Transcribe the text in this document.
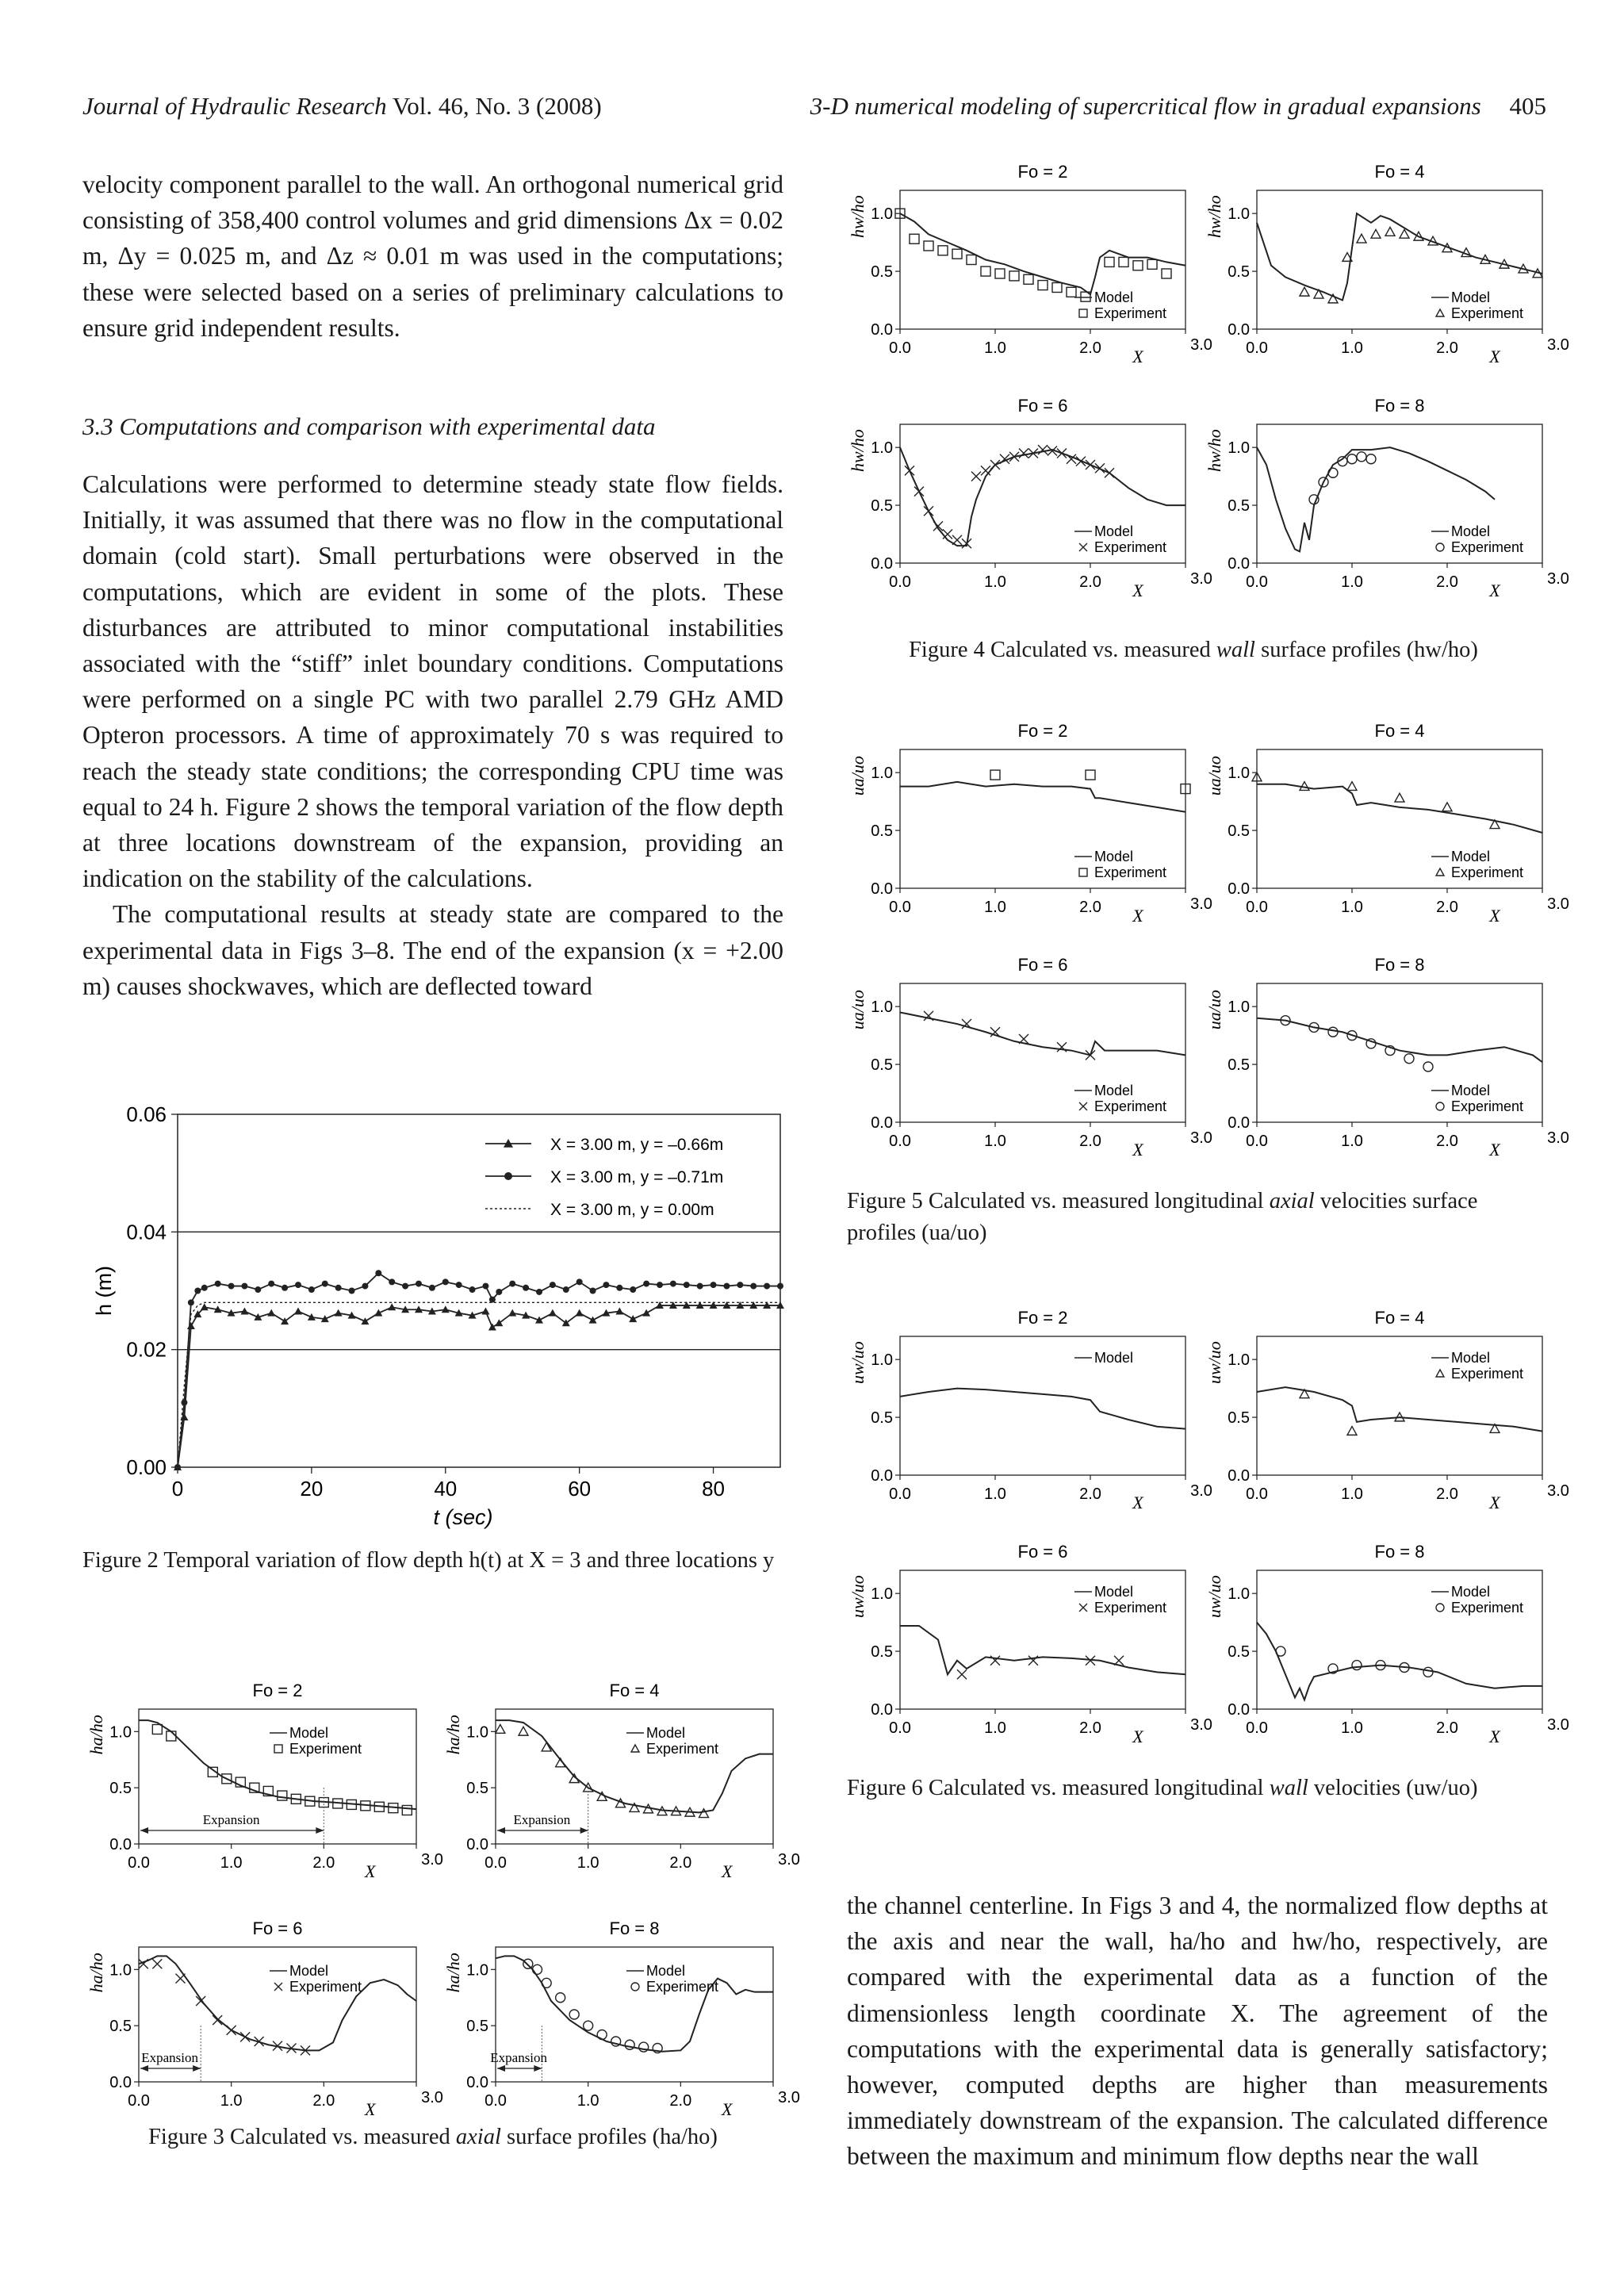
Journal of Hydraulic Research Vol. 46, No. 3 (2008)	3-D numerical modeling of supercritical flow in gradual expansions 405

velocity component parallel to the wall. An orthogonal numerical grid consisting of 358,400 control volumes and grid dimensions Δx = 0.02 m, Δy = 0.025 m, and Δz ≈ 0.01 m was used in the computations; these were selected based on a series of preliminary calculations to ensure grid independent results.

3.3 Computations and comparison with experimental data

Calculations were performed to determine steady state flow fields. Initially, it was assumed that there was no flow in the computational domain (cold start). Small perturbations were observed in the computations, which are evident in some of the plots. These disturbances are attributed to minor computational instabilities associated with the “stiff” inlet boundary conditions. Computations were performed on a single PC with two parallel 2.79 GHz AMD Opteron processors. A time of approximately 70 s was required to reach the steady state conditions; the corresponding CPU time was equal to 24 h. Figure 2 shows the temporal variation of the flow depth at three locations downstream of the expansion, providing an indication on the stability of the calculations.

The computational results at steady state are compared to the experimental data in Figs 3–8. The end of the expansion (x = +2.00 m) causes shockwaves, which are deflected toward

0.00
0.02
0.04
0.06
0	20	40	60	80
t (sec)
h (m)
X = 3.00 m, y = –0.66m
X = 3.00 m, y = –0.71m
X = 3.00 m, y = 0.00m
Figure 2 Temporal variation of flow depth h(t) at X = 3 and three locations y
Fo = 2
0.0
0.5
1.0
0.0	1.0	2.0	3.0
X
ha/ho	Model
Experiment
Expansion
Fo = 4
0.0
0.5
1.0
0.0	1.0	2.0	3.0
X
ha/ho	Model
Experiment
Expansion
Fo = 6
0.0
0.5
1.0
0.0	1.0	2.0	3.0
X
ha/ho	Model
Experiment
Expansion
Fo = 8
0.0
0.5
1.0
0.0	1.0	2.0	3.0
X
ha/ho	Model
Experiment
Expansion
Figure 3 Calculated vs. measured axial surface profiles (ha/ho)
Fo = 2
0.0
0.5
1.0
0.0	1.0	2.0	3.0
X
hw/ho
Model
Experiment
Fo = 4
0.0
0.5
1.0
0.0	1.0	2.0	3.0
X
hw/ho
Model
Experiment
Fo = 6
0.0
0.5
1.0
0.0	1.0	2.0	3.0
X
hw/ho
Model
Experiment
Fo = 8
0.0
0.5
1.0
0.0	1.0	2.0	3.0
X
hw/ho
Model
Experiment
Figure 4 Calculated vs. measured wall surface profiles (hw/ho)
Fo = 2
0.0
0.5
1.0
0.0	1.0	2.0	3.0
X
ua/uo
Model
Experiment
Fo = 4
0.0
0.5
1.0
0.0	1.0	2.0	3.0
X
ua/uo
Model
Experiment
Fo = 6
0.0
0.5
1.0
0.0	1.0	2.0	3.0
X
ua/uo
Model
Experiment
Fo = 8
0.0
0.5
1.0
0.0	1.0	2.0	3.0
X
ua/uo
Model
Experiment
Figure 5 Calculated vs. measured longitudinal axial velocities surface profiles (ua/uo)
Fo = 2
0.0
0.5
1.0
0.0	1.0	2.0	3.0
X
uw/uo	Model
Fo = 4
0.0
0.5
1.0
0.0	1.0	2.0	3.0
X
uw/uo	Model
Experiment
Fo = 6
0.0
0.5
1.0
0.0	1.0	2.0	3.0
X
uw/uo	Model
Experiment
Fo = 8
0.0
0.5
1.0
0.0	1.0	2.0	3.0
X
uw/uo	Model
Experiment
Figure 6 Calculated vs. measured longitudinal wall velocities (uw/uo)

the channel centerline. In Figs 3 and 4, the normalized flow depths at the axis and near the wall, ha/ho and hw/ho, respectively, are compared with the experimental data as a function of the dimensionless length coordinate X. The agreement of the computations with the experimental data is generally satisfactory; however, computed depths are higher than measurements immediately downstream of the expansion. The calculated difference between the maximum and minimum flow depths near the wall
